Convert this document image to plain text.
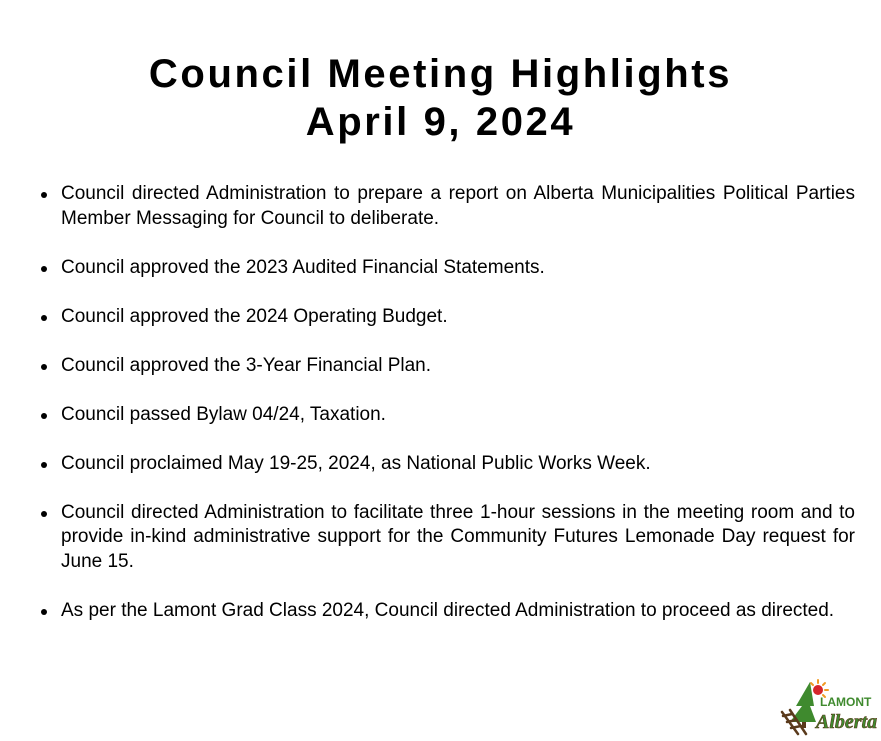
Council Meeting Highlights
April 9, 2024
Council directed Administration to prepare a report on Alberta Municipalities Political Parties Member Messaging for Council to deliberate.
Council approved the 2023 Audited Financial Statements.
Council approved the 2024 Operating Budget.
Council approved the 3-Year Financial Plan.
Council passed Bylaw 04/24, Taxation.
Council proclaimed May 19-25, 2024, as National Public Works Week.
Council directed Administration to facilitate three 1-hour sessions in the meeting room and to provide in-kind administrative support for the Community Futures Lemonade Day request for June 15.
As per the Lamont Grad Class 2024, Council directed Administration to proceed as directed.
LAMONT
Alberta
